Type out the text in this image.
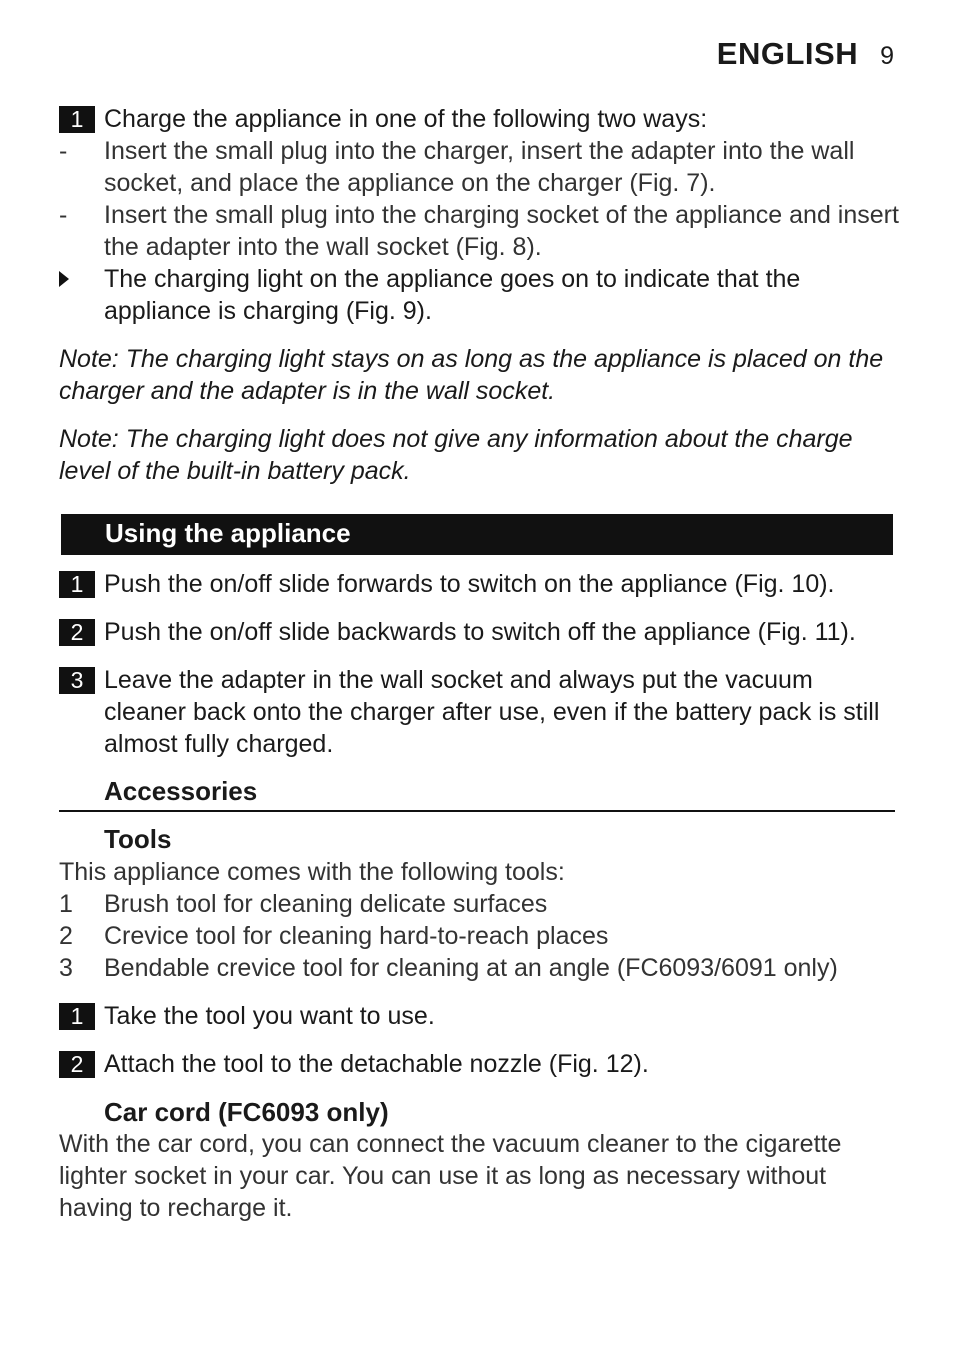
ENGLISH 9
1 Charge the appliance in one of the following two ways:
-	Insert the small plug into the charger, insert the adapter into the wall socket, and place the appliance on the charger (Fig. 7).
-	Insert the small plug into the charging socket of the appliance and insert the adapter into the wall socket (Fig. 8).
The charging light on the appliance goes on to indicate that the appliance is charging (Fig. 9).
Note: The charging light stays on as long as the appliance is placed on the charger and the adapter is in the wall socket.
Note: The charging light does not give any information about the charge level of the built-in battery pack.
Using the appliance
1 Push the on/off slide forwards to switch on the appliance (Fig. 10).
2 Push the on/off slide backwards to switch off the appliance (Fig. 11).
3 Leave the adapter in the wall socket and always put the vacuum cleaner back onto the charger after use, even if the battery pack is still almost fully charged.
Accessories
Tools
This appliance comes with the following tools:
1 Brush tool for cleaning delicate surfaces
2 Crevice tool for cleaning hard-to-reach places
3 Bendable crevice tool for cleaning at an angle (FC6093/6091 only)
1 Take the tool you want to use.
2 Attach the tool to the detachable nozzle (Fig. 12).
Car cord (FC6093 only)
With the car cord, you can connect the vacuum cleaner to the cigarette lighter socket in your car. You can use it as long as necessary without having to recharge it.
